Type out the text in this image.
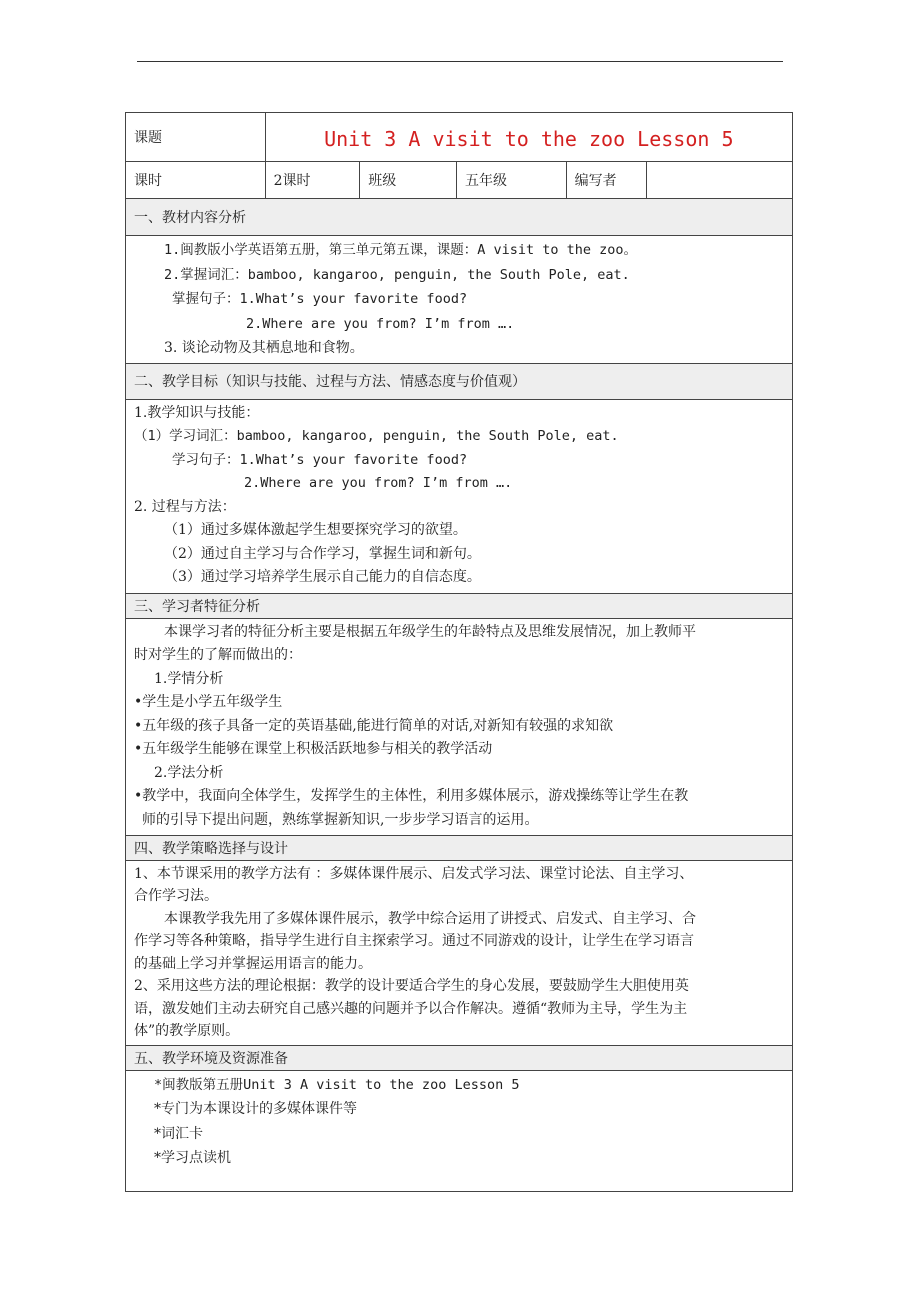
课题	Unit 3 A visit to the zoo Lesson 5
课时	2课时	班级	五年级	编写者
一、教材内容分析
1.闽教版小学英语第五册，第三单元第五课，课题：A visit to the zoo。
2.掌握词汇：bamboo, kangaroo, penguin, the South Pole, eat.
掌握句子：1.What’s your favorite food?
2.Where are you from? I’m from ….
3. 谈论动物及其栖息地和食物。
二、教学目标（知识与技能、过程与方法、情感态度与价值观）
1.教学知识与技能：
（1）学习词汇：bamboo, kangaroo, penguin, the South Pole, eat.
学习句子：1.What’s your favorite food?
2.Where are you from? I’m from ….
2. 过程与方法：
（1）通过多媒体激起学生想要探究学习的欲望。
（2）通过自主学习与合作学习，掌握生词和新句。
（3）通过学习培养学生展示自己能力的自信态度。
三、学习者特征分析
本课学习者的特征分析主要是根据五年级学生的年龄特点及思维发展情况，加上教师平
时对学生的了解而做出的：
1.学情分析
•学生是小学五年级学生
•五年级的孩子具备一定的英语基础,能进行简单的对话,对新知有较强的求知欲
•五年级学生能够在课堂上积极活跃地参与相关的教学活动
2.学法分析
•教学中，我面向全体学生，发挥学生的主体性，利用多媒体展示，游戏操练等让学生在教
师的引导下提出问题，熟练掌握新知识,一步步学习语言的运用。
四、教学策略选择与设计
1、本节课采用的教学方法有 ：多媒体课件展示、启发式学习法、课堂讨论法、自主学习、
合作学习法。
本课教学我先用了多媒体课件展示，教学中综合运用了讲授式、启发式、自主学习、合
作学习等各种策略，指导学生进行自主探索学习。通过不同游戏的设计，让学生在学习语言
的基础上学习并掌握运用语言的能力。
2、采用这些方法的理论根据：教学的设计要适合学生的身心发展，要鼓励学生大胆使用英
语，激发她们主动去研究自己感兴趣的问题并予以合作解决。遵循“教师为主导，学生为主
体”的教学原则。
五、教学环境及资源准备
*闽教版第五册Unit 3 A visit to the zoo Lesson 5
*专门为本课设计的多媒体课件等
*词汇卡
*学习点读机
